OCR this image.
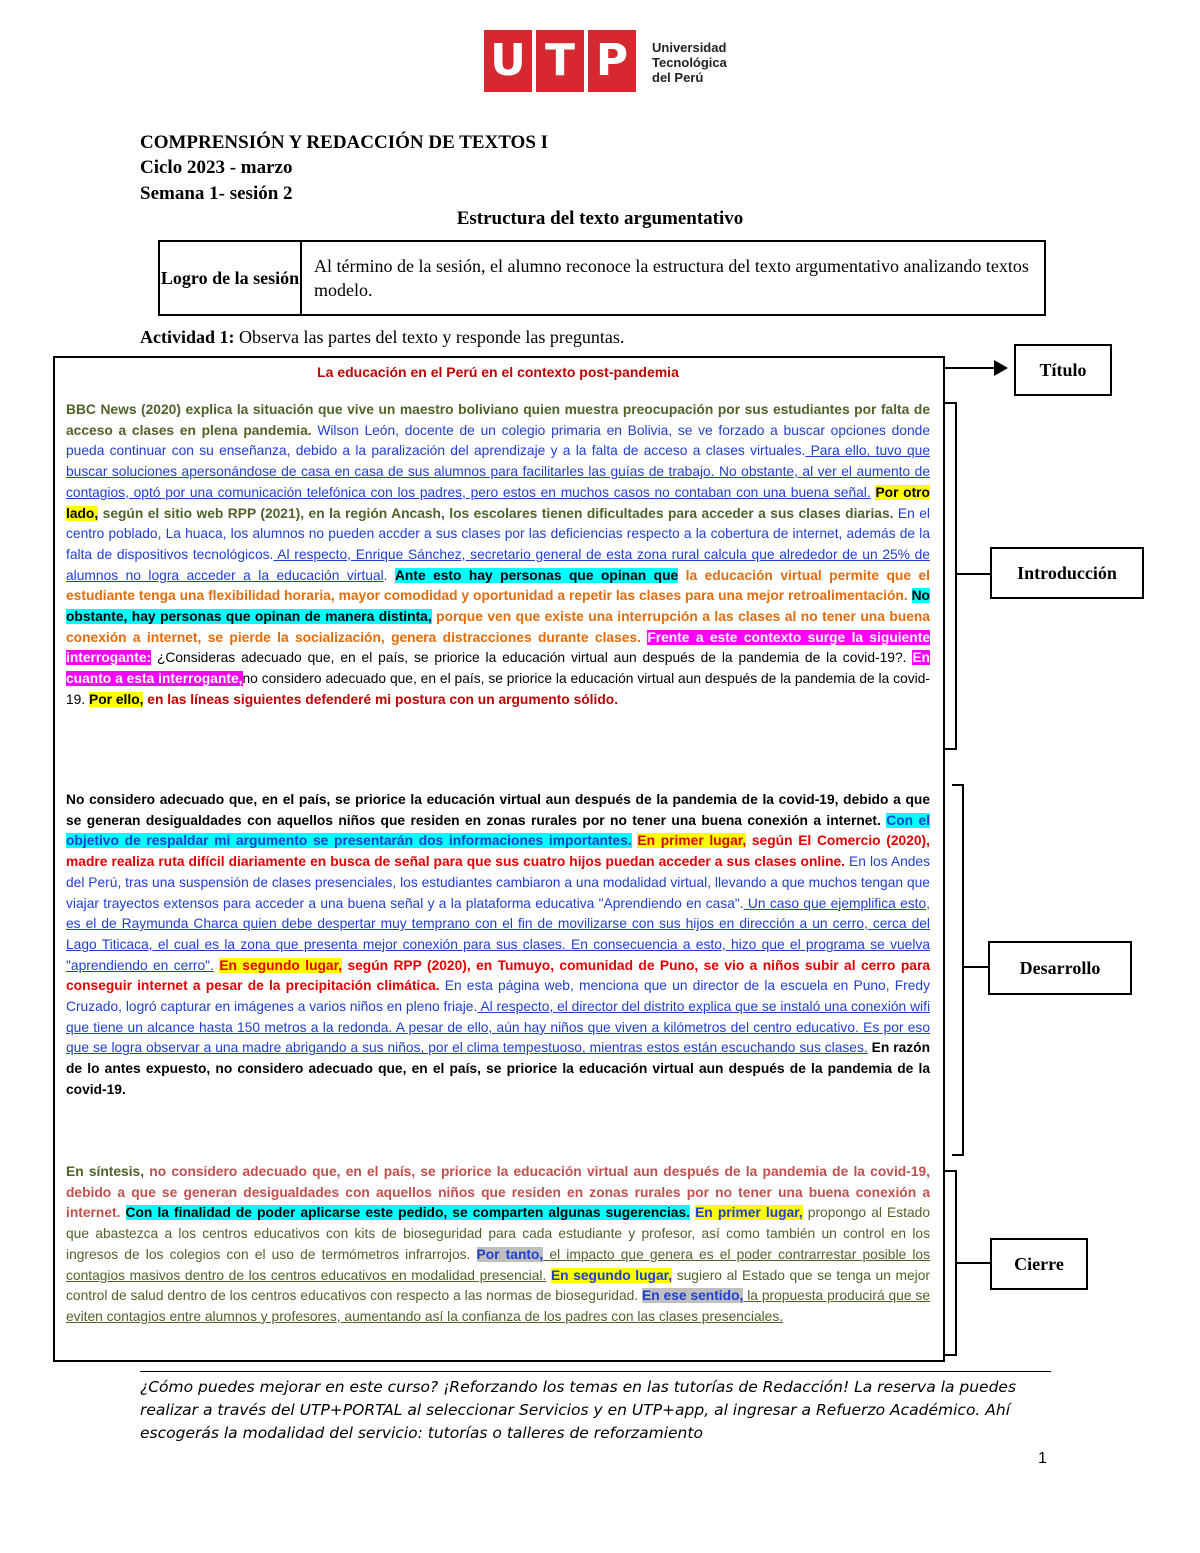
U T P	Universidad
Tecnológica
del Perú
COMPRENSIÓN Y REDACCIÓN DE TEXTOS I
Ciclo 2023 - marzo
Semana 1- sesión 2
Estructura del texto argumentativo
Logro de la sesión
Al término de la sesión, el alumno reconoce la estructura del texto argumentativo analizando textos modelo.
Actividad 1: Observa las partes del texto y responde las preguntas.
La educación en el Perú en el contexto post-pandemia
BBC News (2020) explica la situación que vive un maestro boliviano quien muestra preocupación por sus estudiantes por falta de acceso a clases en plena pandemia. Wilson León, docente de un colegio primaria en Bolivia, se ve forzado a buscar opciones donde pueda continuar con su enseñanza, debido a la paralización del aprendizaje y a la falta de acceso a clases virtuales. Para ello, tuvo que buscar soluciones apersonándose de casa en casa de sus alumnos para facilitarles las guías de trabajo. No obstante, al ver el aumento de contagios, optó por una comunicación telefónica con los padres, pero estos en muchos casos no contaban con una buena señal. Por otro lado, según el sitio web RPP (2021), en la región Ancash, los escolares tienen dificultades para acceder a sus clases diarias. En el centro poblado, La huaca, los alumnos no pueden accder a sus clases por las deficiencias respecto a la cobertura de internet, además de la falta de dispositivos tecnológicos. Al respecto, Enrique Sánchez, secretario general de esta zona rural calcula que alrededor de un 25% de alumnos no logra acceder a la educación virtual. Ante esto hay personas que opinan que la educación virtual permite que el estudiante tenga una flexibilidad horaria, mayor comodidad y oportunidad a repetir las clases para una mejor retroalimentación. No obstante, hay personas que opinan de manera distinta, porque ven que existe una interrupción a las clases al no tener una buena conexión a internet, se pierde la socialización, genera distracciones durante clases. Frente a este contexto surge la siguiente interrogante: ¿Consideras adecuado que, en el país, se priorice la educación virtual aun después de la pandemia de la covid-19?. En cuanto a esta interrogante,no considero adecuado que, en el país, se priorice la educación virtual aun después de la pandemia de la covid-19. Por ello, en las líneas siguientes defenderé mi postura con un argumento sólido.
No considero adecuado que, en el país, se priorice la educación virtual aun después de la pandemia de la covid-19, debido a que se generan desigualdades con aquellos niños que residen en zonas rurales por no tener una buena conexión a internet. Con el objetivo de respaldar mi argumento se presentarán dos informaciones importantes. En primer lugar, según El Comercio (2020), madre realiza ruta difícil diariamente en busca de señal para que sus cuatro hijos puedan acceder a sus clases online. En los Andes del Perú, tras una suspensión de clases presenciales, los estudiantes cambiaron a una modalidad virtual, llevando a que muchos tengan que viajar trayectos extensos para acceder a una buena señal y a la plataforma educativa "Aprendiendo en casa". Un caso que ejemplifica esto, es el de Raymunda Charca quien debe despertar muy temprano con el fin de movilizarse con sus hijos en dirección a un cerro, cerca del Lago Titicaca, el cual es la zona que presenta mejor conexión para sus clases. En consecuencia a esto, hizo que el programa se vuelva "aprendiendo en cerro". En segundo lugar, según RPP (2020), en Tumuyo, comunidad de Puno, se vio a niños subir al cerro para conseguir internet a pesar de la precipitación climática. En esta página web, menciona que un director de la escuela en Puno, Fredy Cruzado, logró capturar en imágenes a varios niños en pleno friaje. Al respecto, el director del distrito explica que se instaló una conexión wifi que tiene un alcance hasta 150 metros a la redonda. A pesar de ello, aún hay niños que viven a kilómetros del centro educativo. Es por eso que se logra observar a una madre abrigando a sus niños, por el clima tempestuoso, mientras estos están escuchando sus clases. En razón de lo antes expuesto, no considero adecuado que, en el país, se priorice la educación virtual aun después de la pandemia de la covid-19.
En síntesis, no considero adecuado que, en el país, se priorice la educación virtual aun después de la pandemia de la covid-19, debido a que se generan desigualdades con aquellos niños que residen en zonas rurales por no tener una buena conexión a internet. Con la finalidad de poder aplicarse este pedido, se comparten algunas sugerencias. En primer lugar, propongo al Estado que abastezca a los centros educativos con kits de bioseguridad para cada estudiante y profesor, así como también un control en los ingresos de los colegios con el uso de termómetros infrarrojos. Por tanto, el impacto que genera es el poder contrarrestar posible los contagios masivos dentro de los centros educativos en modalidad presencial. En segundo lugar, sugiero al Estado que se tenga un mejor control de salud dentro de los centros educativos con respecto a las normas de bioseguridad. En ese sentido, la propuesta producirá que se eviten contagios entre alumnos y profesores, aumentando así la confianza de los padres con las clases presenciales.
Título
Introducción
Desarrollo
Cierre
¿Cómo puedes mejorar en este curso? ¡Reforzando los temas en las tutorías de Redacción! La reserva la puedes realizar a través del UTP+PORTAL al seleccionar Servicios y en UTP+app, al ingresar a Refuerzo Académico. Ahí escogerás la modalidad del servicio: tutorías o talleres de reforzamiento
1
